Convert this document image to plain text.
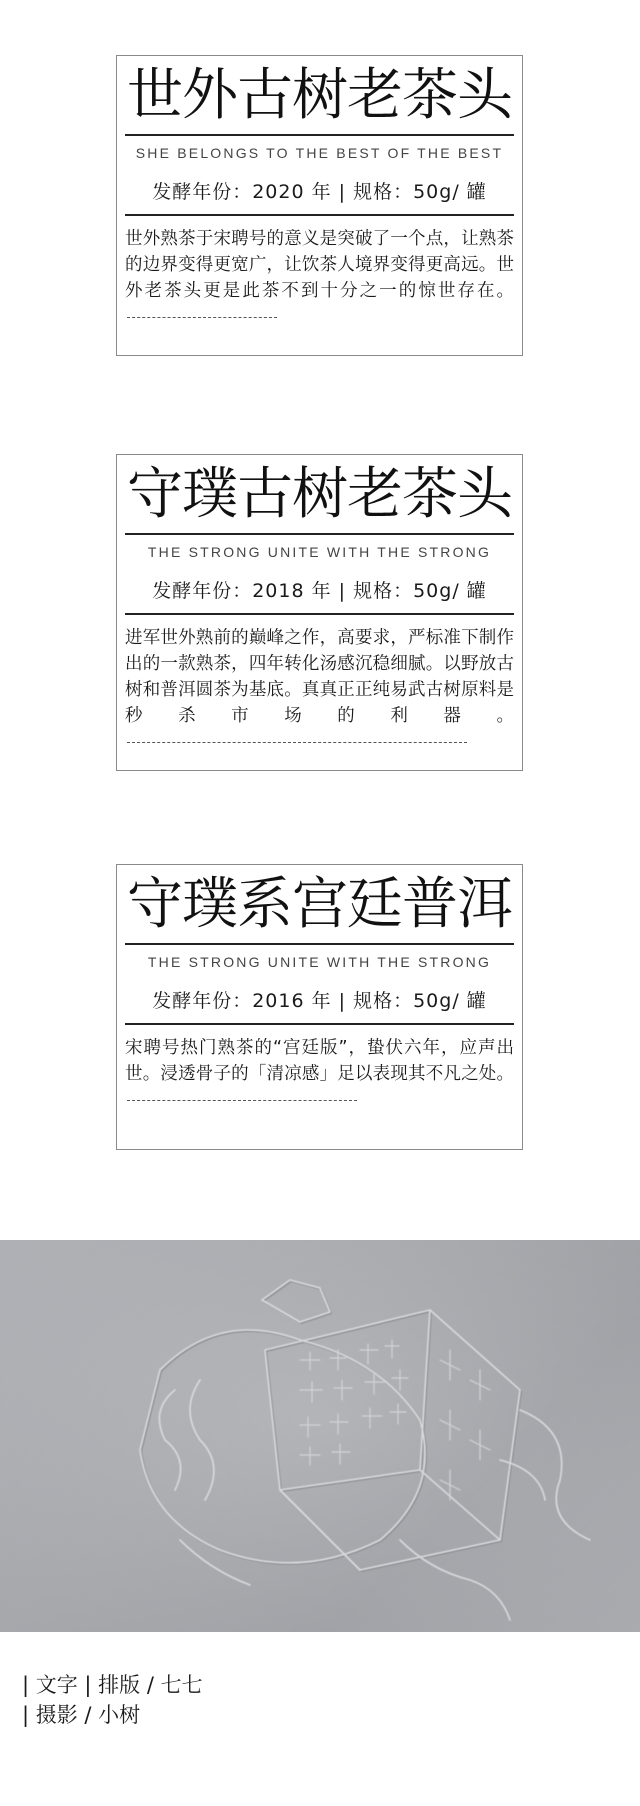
世外古树老茶头
SHE BELONGS TO THE BEST OF THE BEST
发酵年份：2020 年 | 规格：50g/ 罐
世外熟茶于宋聘号的意义是突破了一个点，让熟茶的边界变得更宽广，让饮茶人境界变得更高远。世外老茶头更是此茶不到十分之一的惊世存在。
守璞古树老茶头
THE STRONG UNITE WITH THE STRONG
发酵年份：2018 年 | 规格：50g/ 罐
进军世外熟前的巅峰之作，高要求，严标准下制作出的一款熟茶，四年转化汤感沉稳细腻。以野放古树和普洱圆茶为基底。真真正正纯易武古树原料是秒杀市场的利器。
守璞系宫廷普洱
THE STRONG UNITE WITH THE STRONG
发酵年份：2016 年 | 规格：50g/ 罐
宋聘号热门熟茶的“宫廷版”，蛰伏六年，应声出世。浸透骨子的「清凉感」足以表现其不凡之处。
| 文字 | 排版 / 七七
| 摄影 / 小树
